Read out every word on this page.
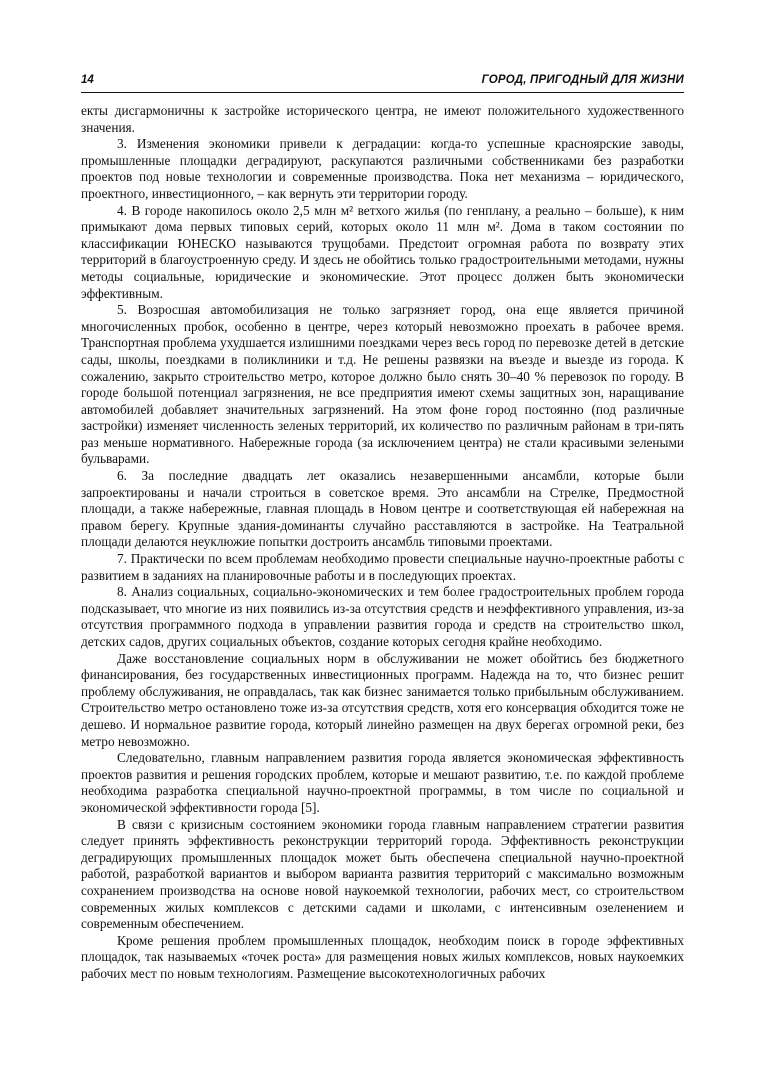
14	ГОРОД, ПРИГОДНЫЙ ДЛЯ ЖИЗНИ

екты дисгармоничны к застройке исторического центра, не имеют положительного художественного значения.

3. Изменения экономики привели к деградации: когда-то успешные красноярские заводы, промышленные площадки деградируют, раскупаются различными собственниками без разработки проектов под новые технологии и современные производства. Пока нет механизма – юридического, проектного, инвестиционного, – как вернуть эти территории городу.

4. В городе накопилось около 2,5 млн м² ветхого жилья (по генплану, а реально – больше), к ним примыкают дома первых типовых серий, которых около 11 млн м². Дома в таком состоянии по классификации ЮНЕСКО называются трущобами. Предстоит огромная работа по возврату этих территорий в благоустроенную среду. И здесь не обойтись только градостроительными методами, нужны методы социальные, юридические и экономические. Этот процесс должен быть экономически эффективным.

5. Возросшая автомобилизация не только загрязняет город, она еще является причиной многочисленных пробок, особенно в центре, через который невозможно проехать в рабочее время. Транспортная проблема ухудшается излишними поездками через весь город по перевозке детей в детские сады, школы, поездками в поликлиники и т.д. Не решены развязки на въезде и выезде из города. К сожалению, закрыто строительство метро, которое должно было снять 30–40 % перевозок по городу. В городе большой потенциал загрязнения, не все предприятия имеют схемы защитных зон, наращивание автомобилей добавляет значительных загрязнений. На этом фоне город постоянно (под различные застройки) изменяет численность зеленых территорий, их количество по различным районам в три-пять раз меньше нормативного. Набережные города (за исключением центра) не стали красивыми зелеными бульварами.

6. За последние двадцать лет оказались незавершенными ансамбли, которые были запроектированы и начали строиться в советское время. Это ансамбли на Стрелке, Предмостной площади, а также набережные, главная площадь в Новом центре и соответствующая ей набережная на правом берегу. Крупные здания-доминанты случайно расставляются в застройке. На Театральной площади делаются неуклюжие попытки достроить ансамбль типовыми проектами.

7. Практически по всем проблемам необходимо провести специальные научно-проектные работы с развитием в заданиях на планировочные работы и в последующих проектах.

8. Анализ социальных, социально-экономических и тем более градостроительных проблем города подсказывает, что многие из них появились из-за отсутствия средств и неэффективного управления, из-за отсутствия программного подхода в управлении развития города и средств на строительство школ, детских садов, других социальных объектов, создание которых сегодня крайне необходимо.

Даже восстановление социальных норм в обслуживании не может обойтись без бюджетного финансирования, без государственных инвестиционных программ. Надежда на то, что бизнес решит проблему обслуживания, не оправдалась, так как бизнес занимается только прибыльным обслуживанием. Строительство метро остановлено тоже из-за отсутствия средств, хотя его консервация обходится тоже не дешево. И нормальное развитие города, который линейно размещен на двух берегах огромной реки, без метро невозможно.

Следовательно, главным направлением развития города является экономическая эффективность проектов развития и решения городских проблем, которые и мешают развитию, т.е. по каждой проблеме необходима разработка специальной научно-проектной программы, в том числе по социальной и экономической эффективности города [5].

В связи с кризисным состоянием экономики города главным направлением стратегии развития следует принять эффективность реконструкции территорий города. Эффективность реконструкции деградирующих промышленных площадок может быть обеспечена специальной научно-проектной работой, разработкой вариантов и выбором варианта развития территорий с максимально возможным сохранением производства на основе новой наукоемкой технологии, рабочих мест, со строительством современных жилых комплексов с детскими садами и школами, с интенсивным озеленением и современным обеспечением.

Кроме решения проблем промышленных площадок, необходим поиск в городе эффективных площадок, так называемых «точек роста» для размещения новых жилых комплексов, новых наукоемких рабочих мест по новым технологиям. Размещение высокотехнологичных рабочих
